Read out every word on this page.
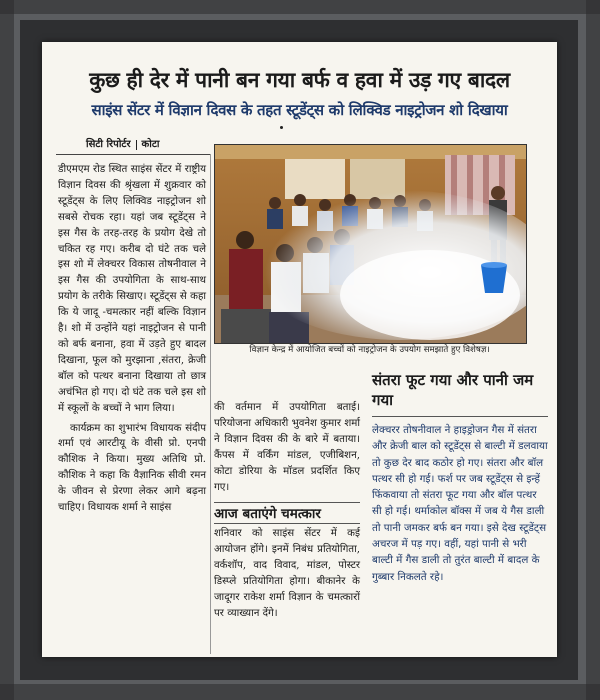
कुछ ही देर में पानी बन गया बर्फ व हवा में उड़ गए बादल
साइंस सेंटर में विज्ञान दिवस के तहत स्टूडेंट्स को लिक्विड नाइट्रोजन शो दिखाया
सिटी रिपोर्टर कोटा

डीएमएम रोड स्थित साइंस सेंटर में राष्ट्रीय विज्ञान दिवस की श्रृंखला में शुक्रवार को स्टूडेंट्स के लिए लिक्विड नाइट्रोजन शो सबसे रोचक रहा। यहां जब स्टूडेंट्स ने इस गैस के तरह-तरह के प्रयोग देखे तो चकित रह गए। करीब दो घंटे तक चले इस शो में लेक्चरर विकास तोषनीवाल ने इस गैस की उपयोगिता के साथ-साथ प्रयोग के तरीके सिखाए। स्टूडेंट्स से कहा कि ये जादू -चमत्कार नहीं बल्कि विज्ञान है। शो में उन्होंने यहां नाइट्रोजन से पानी को बर्फ बनाना, हवा में उड़ते हुए बादल दिखाना, फूल को मुरझाना ,संतरा, क्रेजी बॉल को पत्थर बनाना दिखाया तो छात्र अचंभित हो गए। दो घंटे तक चले इस शो में स्कूलों के बच्चों ने भाग लिया।

कार्यक्रम का शुभारंभ विधायक संदीप शर्मा एवं आरटीयू के वीसी प्रो. एनपी कौशिक ने किया। मुख्य अतिथि प्रो. कौशिक ने कहा कि वैज्ञानिक सीवी रमन के जीवन से प्रेरणा लेकर आगे बढ़ना चाहिए। विधायक शर्मा ने साइंस

विज्ञान केन्द्र में आयोजित बच्चों को नाइट्रोजन के उपयोग समझाते हुए विशेषज्ञ।

की वर्तमान में उपयोगिता बताई। परियोजना अधिकारी भुवनेश कुमार शर्मा ने विज्ञान दिवस की के बारे में बताया। कैंपस में वर्किंग मांडल, एजीबिशन, कोटा डोरिया के मॉडल प्रदर्शित किए गए।

आज बताएंगे चमत्कार

शनिवार को साइंस सेंटर में कई आयोजन होंगे। इनमें निबंध प्रतियोगिता, वर्कशॉप, वाद विवाद, मांडल, पोस्टर डिस्प्ले प्रतियोगिता होगा। बीकानेर के जादूगर राकेश शर्मा विज्ञान के चमत्कारों पर व्याख्यान देंगे।

संतरा फूट गया और पानी जम गया

लेक्चरर तोषनीवाल ने हाइड्रोजन गैस में संतरा और क्रेजी बाल को स्टूडेंट्स से बाल्टी में डलवाया तो कुछ देर बाद कठोर हो गए। संतरा और बॉल पत्थर सी हो गई। फर्श पर जब स्टूडेंट्स से इन्हें फिंकवाया तो संतरा फूट गया और बॉल पत्थर सी हो गई। थर्माकोल बॉक्स में जब ये गैस डाली तो पानी जमकर बर्फ बन गया। इसे देख स्टूडेंट्स अचरज में पड़ गए। वहीं, यहां पानी से भरी बाल्टी में गैस डाली तो तुरंत बाल्टी में बादल के गुब्बार निकलते रहे।
